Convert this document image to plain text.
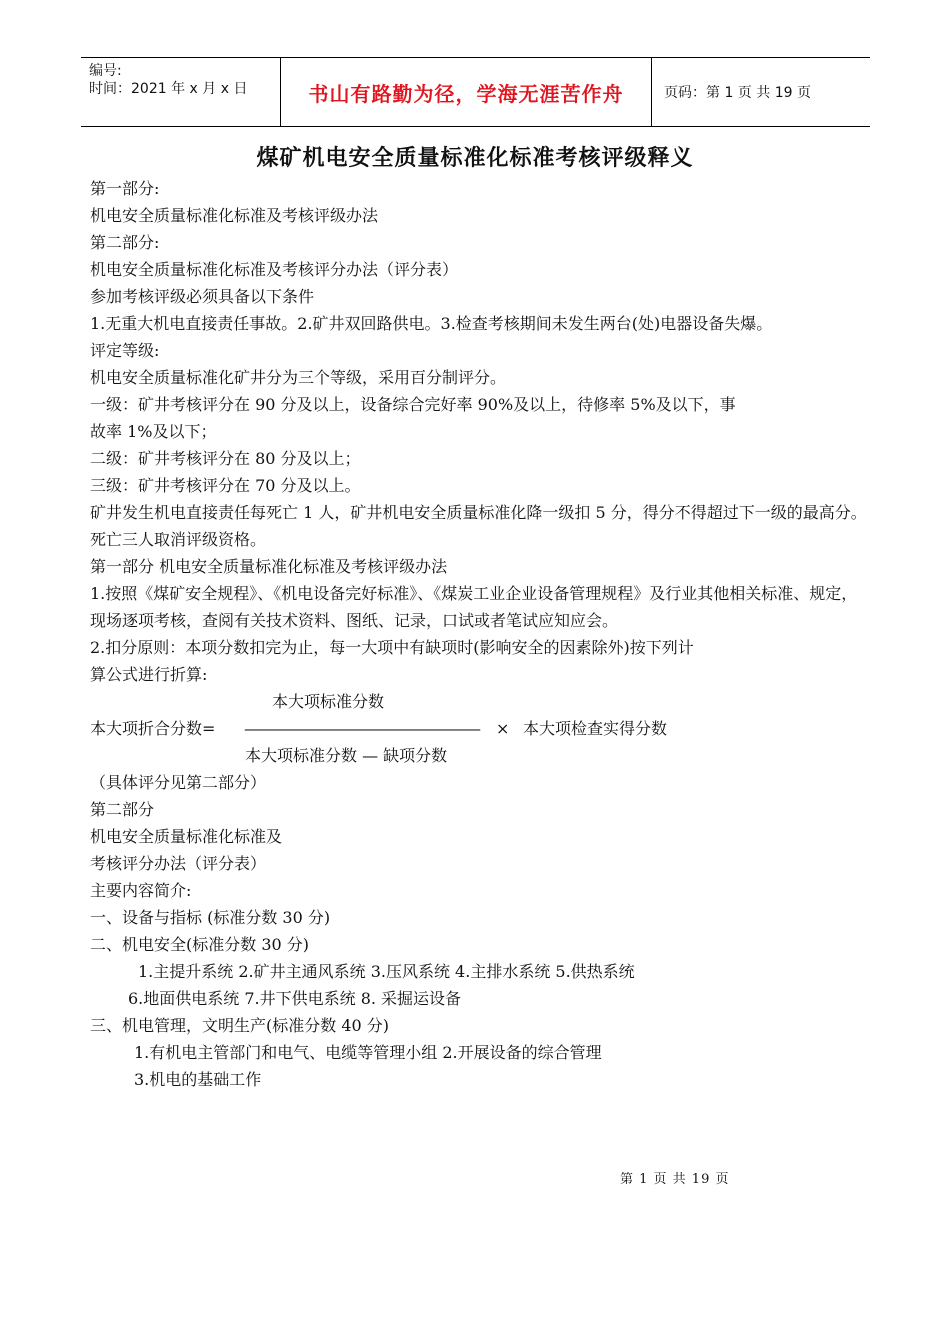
编号:
时间：2021 年 x 月 x 日	书山有路勤为径，学海无涯苦作舟	页码：第 1 页 共 19 页
煤矿机电安全质量标准化标准考核评级释义

第一部分:

机电安全质量标准化标准及考核评级办法

第二部分:

机电安全质量标准化标准及考核评分办法（评分表）

参加考核评级必须具备以下条件

1.无重大机电直接责任事故。2.矿井双回路供电。3.检查考核期间未发生两台(处)电器设备失爆。

评定等级:

机电安全质量标准化矿井分为三个等级，采用百分制评分。

一级：矿井考核评分在 90 分及以上，设备综合完好率 90%及以上，待修率 5%及以下，事

故率 1%及以下；

二级：矿井考核评分在 80 分及以上；

三级：矿井考核评分在 70 分及以上。

矿井发生机电直接责任每死亡 1 人，矿井机电安全质量标准化降一级扣 5 分，得分不得超过下一级的最高分。死亡三人取消评级资格。

第一部分 机电安全质量标准化标准及考核评级办法

1.按照《煤矿安全规程》、《机电设备完好标准》、《煤炭工业企业设备管理规程》及行业其他相关标准、规定，现场逐项考核，查阅有关技术资料、图纸、记录，口试或者笔试应知应会。

2.扣分原则：本项分数扣完为止，每一大项中有缺项时(影响安全的因素除外)按下列计

算公式进行折算:

本大项标准分数
本大项折合分数= —————————————————— × 本大项检查实得分数
本大项标准分数 — 缺项分数

（具体评分见第二部分）

第二部分

机电安全质量标准化标准及

考核评分办法（评分表）

主要内容简介:

一、设备与指标 (标准分数 30 分)

二、机电安全(标准分数 30 分)

1.主提升系统 2.矿井主通风系统 3.压风系统 4.主排水系统 5.供热系统

6.地面供电系统 7.井下供电系统 8. 采掘运设备

三、机电管理，文明生产(标准分数 40 分)

1.有机电主管部门和电气、电缆等管理小组 2.开展设备的综合管理

3.机电的基础工作

第 1 页 共 19 页
